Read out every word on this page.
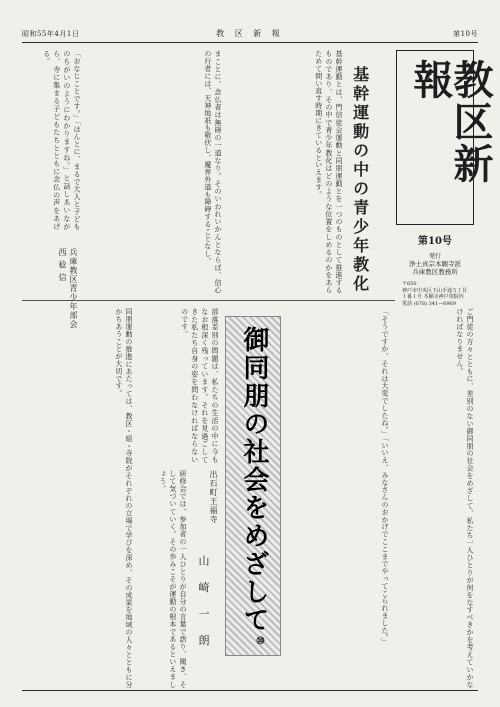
昭和55年4月1日	教 区 新 報	第10号
教区新報
第10号
発行
浄土真宗本願寺派
兵庫教区教務所
〒650
神戸市中央区下山手通５丁目
１番１号 本願寺神戸別院内
電話 (078) 341—6969
基幹運動の中の青少年教化
兵庫教区青少年部会
西 稔 信
御同朋の社会をめざして
⑩
出石町王福寺
山 崎 一 朗
基幹運動とは、門信徒会運動と同朋運動とを一つのものとして推進するものであり、その中で青少年教化はどのような位置をしめるのかをあらためて問い直す時期にきているといえます。
まことに、念仏者は無碍の一道なり。そのいわれいかんとならば、信心の行者には、天神地祇も敬伏し、魔界外道も障碍することなし。
「おなじことです。」「ほんとに、まるで大人と子どものちがいのようにわかりますね。」と話しあいながら、寺に集まる子どもたちとともに念仏の声をあげる。
ご門徒の方々とともに、差別のない御同朋の社会をめざして、私たち一人ひとりが何をなすべきかを考えていかなければなりません。
「そうですか、それは大変でしたね。」「いいえ、みなさんのおかげでここまでやってこられました。」
部落差別の問題は、私たちの生活の中に今もなお根深く残っています。それを見過ごしてきた私たち自身の姿を問わなければならないのです。
同朋運動の推進にあたっては、教区・組・寺院がそれぞれの立場で学びを深め、その成果を地域の人々とともに分かちあうことが大切です。
研修会では、参加者の一人ひとりが自分の言葉で語り、聞き、そして気づいていく。その歩みこそが運動の根本であるといえましょう。
